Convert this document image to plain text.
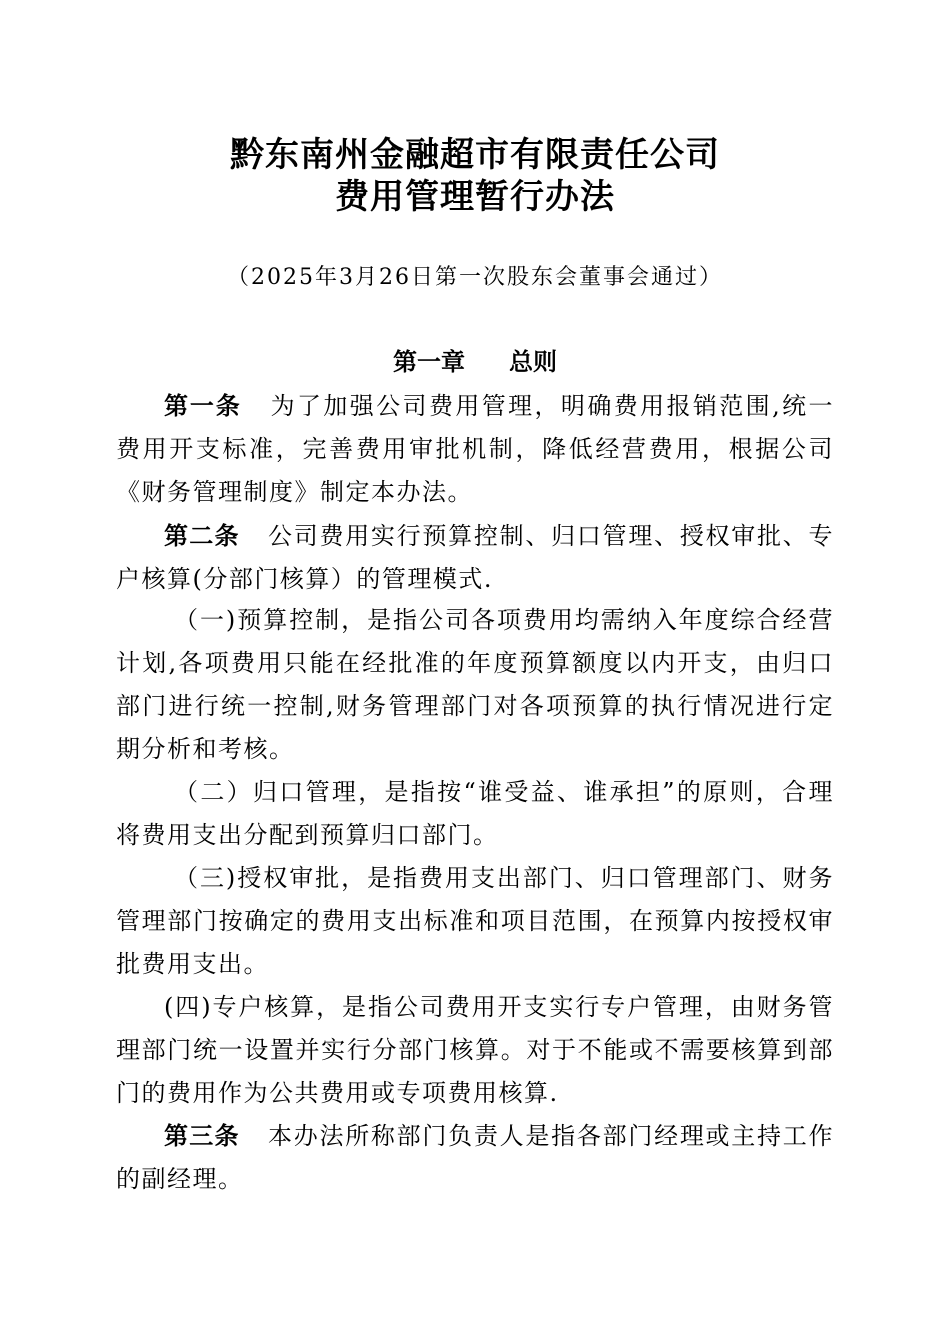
黔东南州金融超市有限责任公司
费用管理暂行办法
（2025年3月26日第一次股东会董事会通过）
第一章 总则

第一条 为了加强公司费用管理，明确费用报销范围,统一费用开支标准，完善费用审批机制，降低经营费用，根据公司《财务管理制度》制定本办法。

第二条 公司费用实行预算控制、归口管理、授权审批、专户核算(分部门核算）的管理模式.

（一)预算控制，是指公司各项费用均需纳入年度综合经营计划,各项费用只能在经批准的年度预算额度以内开支，由归口部门进行统一控制,财务管理部门对各项预算的执行情况进行定期分析和考核。

（二）归口管理，是指按“谁受益、谁承担”的原则，合理将费用支出分配到预算归口部门。

（三)授权审批，是指费用支出部门、归口管理部门、财务管理部门按确定的费用支出标准和项目范围，在预算内按授权审批费用支出。

(四)专户核算，是指公司费用开支实行专户管理，由财务管理部门统一设置并实行分部门核算。对于不能或不需要核算到部门的费用作为公共费用或专项费用核算.

第三条 本办法所称部门负责人是指各部门经理或主持工作的副经理。
